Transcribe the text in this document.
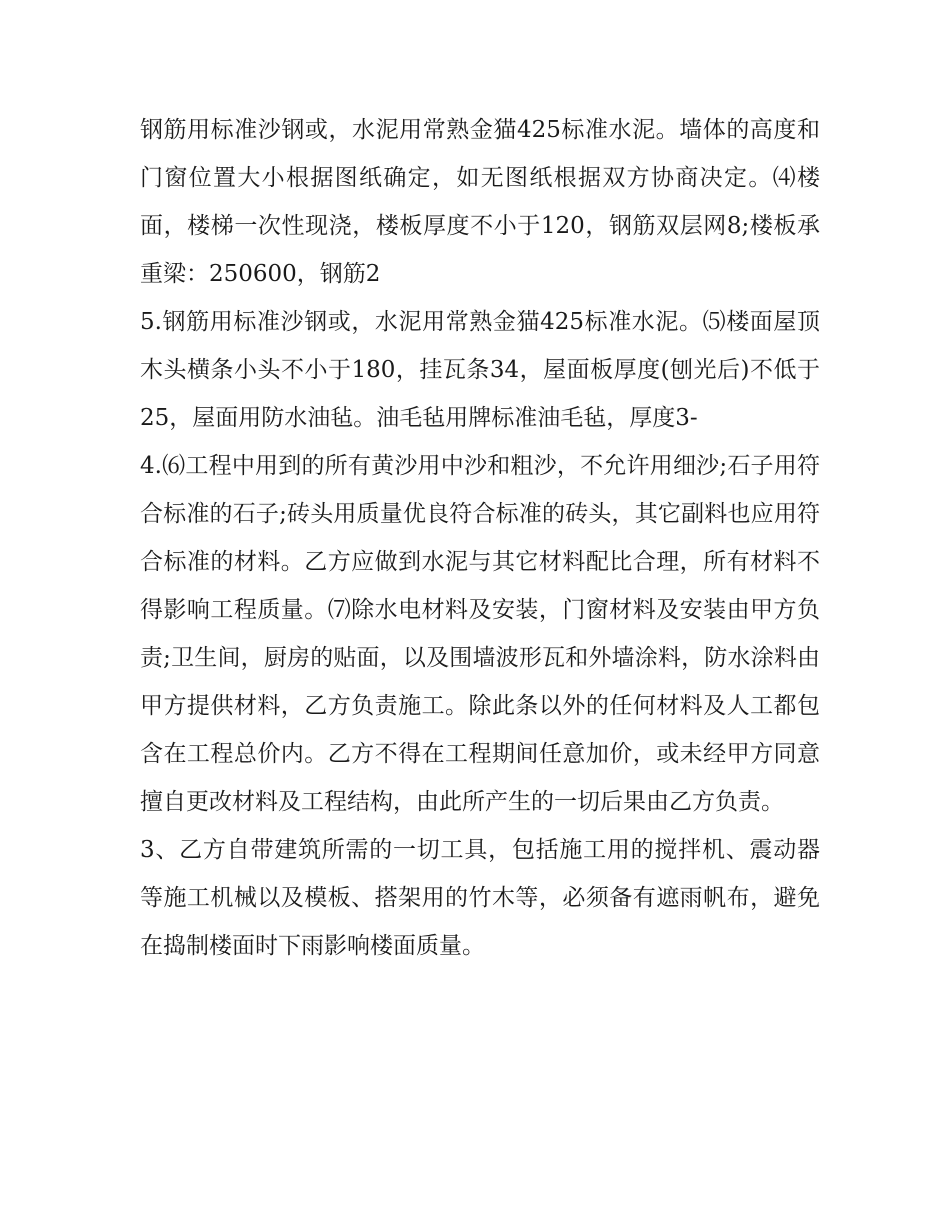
钢筋用标准沙钢或，水泥用常熟金猫425标准水泥。墙体的高度和门窗位置大小根据图纸确定，如无图纸根据双方协商决定。⑷楼面，楼梯一次性现浇，楼板厚度不小于120，钢筋双层网8;楼板承重梁：250600，钢筋2

5.钢筋用标准沙钢或，水泥用常熟金猫425标准水泥。⑸楼面屋顶木头横条小头不小于180，挂瓦条34，屋面板厚度(刨光后)不低于25，屋面用防水油毡。油毛毡用牌标准油毛毡，厚度3-

4.⑹工程中用到的所有黄沙用中沙和粗沙，不允许用细沙;石子用符合标准的石子;砖头用质量优良符合标准的砖头，其它副料也应用符合标准的材料。乙方应做到水泥与其它材料配比合理，所有材料不得影响工程质量。⑺除水电材料及安装，门窗材料及安装由甲方负责;卫生间，厨房的贴面，以及围墙波形瓦和外墙涂料，防水涂料由甲方提供材料，乙方负责施工。除此条以外的任何材料及人工都包含在工程总价内。乙方不得在工程期间任意加价，或未经甲方同意擅自更改材料及工程结构，由此所产生的一切后果由乙方负责。

3、乙方自带建筑所需的一切工具，包括施工用的搅拌机、震动器等施工机械以及模板、搭架用的竹木等，必须备有遮雨帆布，避免在捣制楼面时下雨影响楼面质量。
